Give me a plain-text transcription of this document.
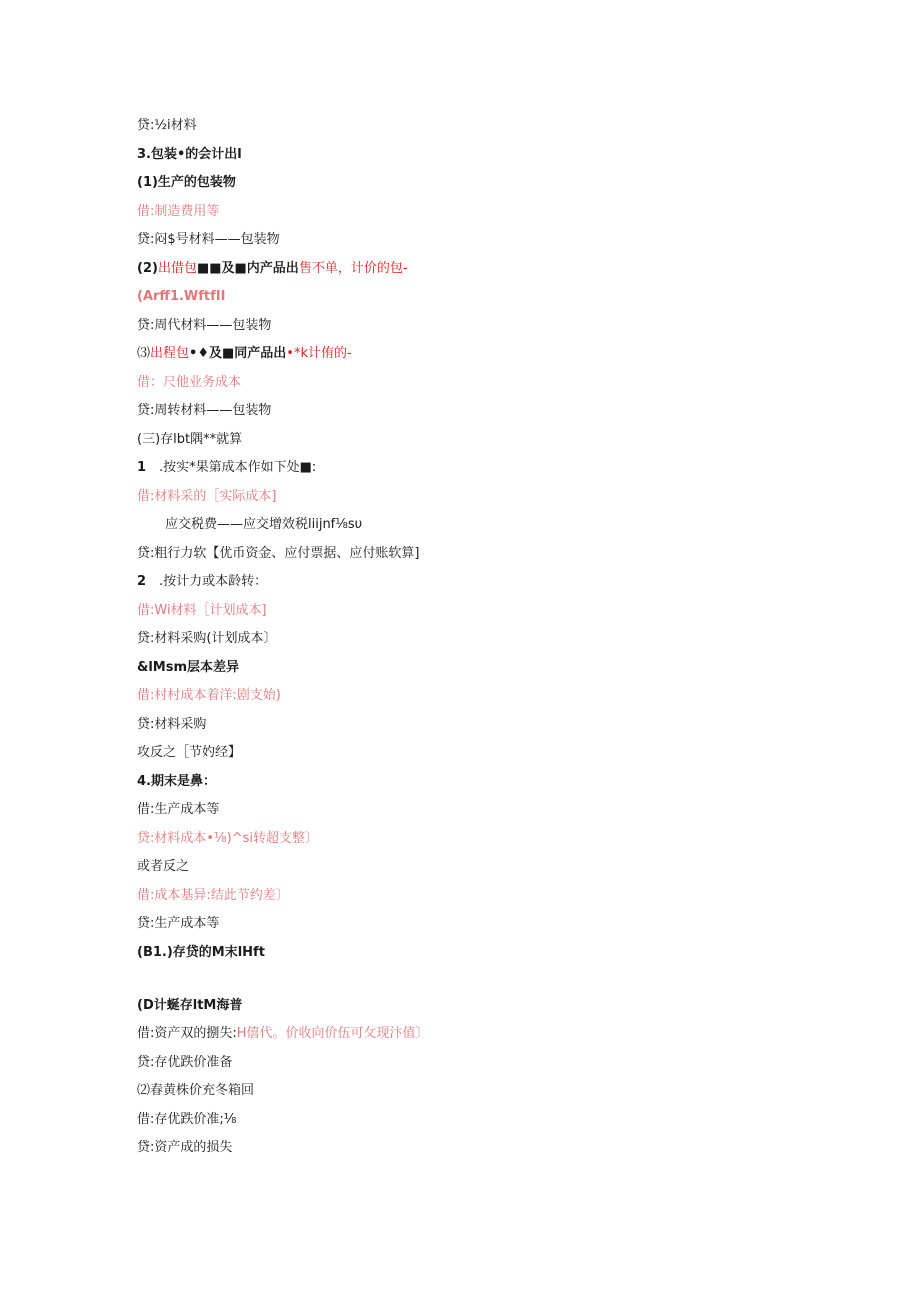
贷:½i材料
3.包装•的会计出l
(1)生产的包装物
借:制造费用等
贷:闷$号材料——包装物
(2)出借包■■及■内产品出售不单，计价的包-
(Arff1.WftfII
贷:周代材料——包装物
⑶出程包•♦及■同产品出•*k计侑的-
借：尺他业务成本
贷:周转材料——包装物
(三)存lbt隅**就算
1 .按实*果第成本作如下处■:
借:材料采的［实际成本]
应交税费——应交增效税liijnf⅛sυ
贷:粗行力软【优币资金、应付票据、应付账软算]
2 .按计力或本龄转：
借:Wi材料［计划成本]
贷:材料采购(计划成本〕
&lMsm层本差异
借:村村成本着洋:剧支始)
贷:材料采购
攻反之［节妁经】
4.期末是鼻：
借:生产成本等
贷:材料成本•⅛)^si转超支整〕
或者反之
借:成本基异:结此节约差〕
贷:生产成本等
(B1.)存贷的M末lHft
(D计蜒存ltM海普
借:资产双的捌失:H僖代。价收向价伍可攵现汴值〕
贷:存优跌价准备
⑵春黄株价充冬箱回
借:存优跌价准;⅛
贷:资产成的损失
